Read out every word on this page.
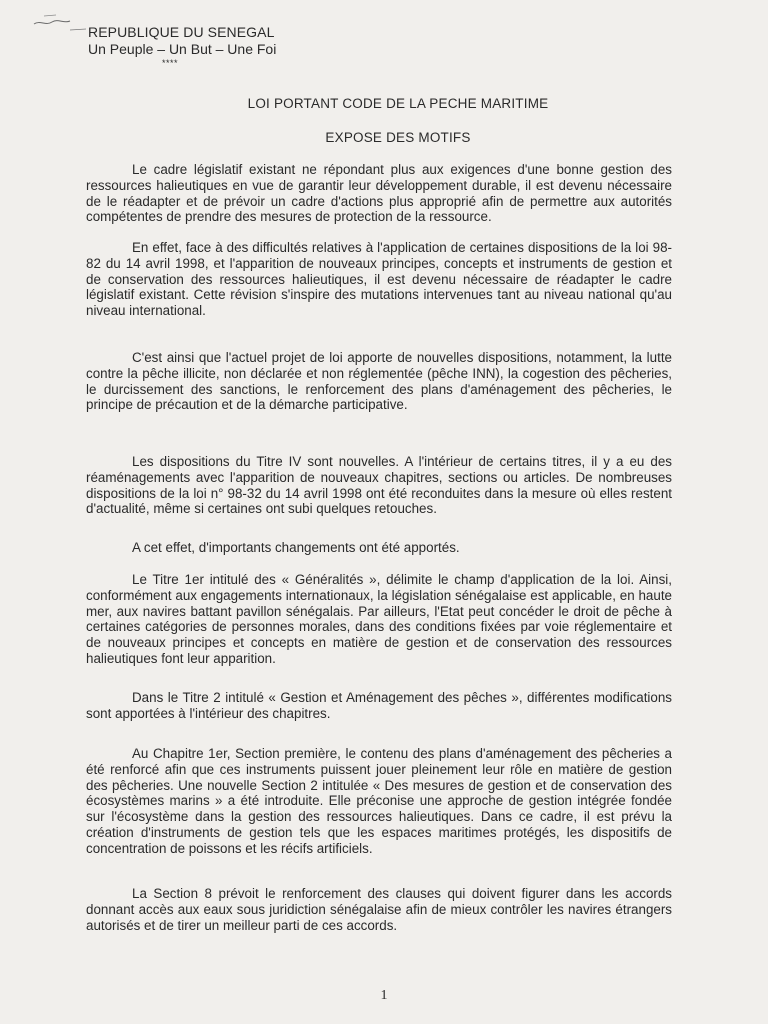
REPUBLIQUE DU SENEGAL
Un Peuple – Un But – Une Foi
****
LOI PORTANT CODE DE LA PECHE MARITIME
EXPOSE DES MOTIFS
Le cadre législatif existant ne répondant plus aux exigences d'une bonne gestion des ressources halieutiques en vue de garantir leur développement durable, il est devenu nécessaire de le réadapter et de prévoir un cadre d'actions plus approprié afin de permettre aux autorités compétentes de prendre des mesures de protection de la ressource.
En effet, face à des difficultés relatives à l'application de certaines dispositions de la loi 98-82 du 14 avril 1998, et l'apparition de nouveaux principes, concepts et instruments de gestion et de conservation des ressources halieutiques, il est devenu nécessaire de réadapter le cadre législatif existant. Cette révision s'inspire des mutations intervenues tant au niveau national qu'au niveau international.
C'est ainsi que l'actuel projet de loi apporte de nouvelles dispositions, notamment, la lutte contre la pêche illicite, non déclarée et non réglementée (pêche INN), la cogestion des pêcheries, le durcissement des sanctions, le renforcement des plans d'aménagement des pêcheries, le principe de précaution et de la démarche participative.
Les dispositions du Titre IV sont nouvelles. A l'intérieur de certains titres, il y a eu des réaménagements avec l'apparition de nouveaux chapitres, sections ou articles. De nombreuses dispositions de la loi n° 98-32 du 14 avril 1998 ont été reconduites dans la mesure où elles restent d'actualité, même si certaines ont subi quelques retouches.
A cet effet, d'importants changements ont été apportés.
Le Titre 1er intitulé des « Généralités », délimite le champ d'application de la loi. Ainsi, conformément aux engagements internationaux, la législation sénégalaise est applicable, en haute mer, aux navires battant pavillon sénégalais. Par ailleurs, l'Etat peut concéder le droit de pêche à certaines catégories de personnes morales, dans des conditions fixées par voie réglementaire et de nouveaux principes et concepts en matière de gestion et de conservation des ressources halieutiques font leur apparition.
Dans le Titre 2 intitulé « Gestion et Aménagement des pêches », différentes modifications sont apportées à l'intérieur des chapitres.
Au Chapitre 1er, Section première, le contenu des plans d'aménagement des pêcheries a été renforcé afin que ces instruments puissent jouer pleinement leur rôle en matière de gestion des pêcheries. Une nouvelle Section 2 intitulée « Des mesures de gestion et de conservation des écosystèmes marins » a été introduite. Elle préconise une approche de gestion intégrée fondée sur l'écosystème dans la gestion des ressources halieutiques. Dans ce cadre, il est prévu la création d'instruments de gestion tels que les espaces maritimes protégés, les dispositifs de concentration de poissons et les récifs artificiels.
La Section 8 prévoit le renforcement des clauses qui doivent figurer dans les accords donnant accès aux eaux sous juridiction sénégalaise afin de mieux contrôler les navires étrangers autorisés et de tirer un meilleur parti de ces accords.
1
